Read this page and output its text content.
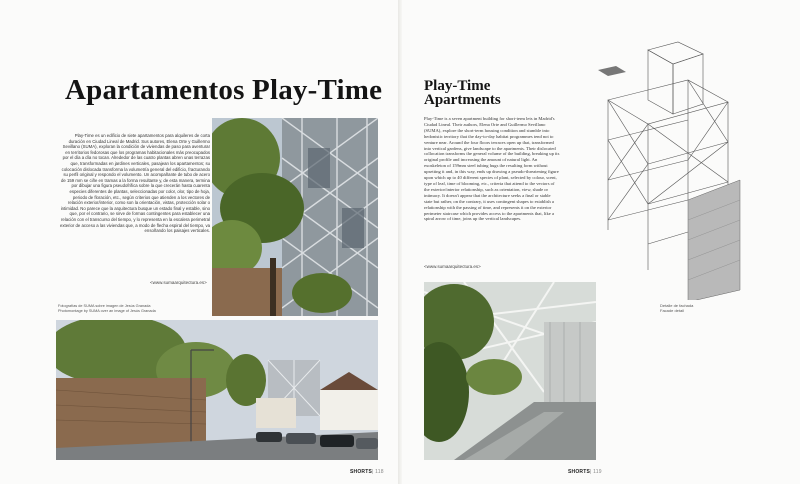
Apartamentos Play-Time
Play-Time es un edificio de siete apartamentos para alquileres de corta duración en Ciudad Lineal de Madrid. Sus autores, Elena Orte y Guillermo Sevillano (SUMA), exploran la condición de viviendas de paso para aventurar en territorios fedorosas que los programas habitacionales más preocupados por el día a día no tocan. Alrededor de las cuatro plantas abren unas terrazas que, transformadas en jardines verticales, pasajean los apartamentos; su colocación dislocada transforma la volumetría general del edificio, fracturando su perfil original y respondo el volumento. Un acompañante de tubo de acero de 159 mm se ciñe en tramas a la forma resultante y, de esta manera, termina por dibujar una figura pseudofrifica sobre la que crecerán hasta cuarenta especies diferentes de plantas, seleccionadas por color, olor, tipo de hoja, periodo de floración, etc., según criterios que atienden a los vectores de relación exterior/interior, como son la orientación, vistas, protección solar o intimidad. No parece que la arquitectura busque un estado final y estable, sino que, por el contrario, se sirve de formas contingentes para establecer una relación con el transcurso del tiempo, y lo representa en la escalera perimetral exterior de acceso a las viviendas que, a modo de flecha espiral del tiempo, va ensoñando los paisajes verticales.
<www.sumaarquitectura.es>
Fotografías de SUMA sobre imagen de Jesús Granada
Photomontage by SUMA over an image of Jesús Granada
SHORTS| 118
Play-Time
Apartments
Play-Time is a seven apartment building for short-term lets in Madrid's Ciudad Lineal. Their authors, Elena Orte and Guillermo Sevillano (SUMA), explore the short-term housing condition and stumble into hedonistic territory that the day-to-day habitat programmes tend not to venture near. Around the four floors terraces open up that, transformed into vertical gardens, give landscape to the apartments. Their dislocated collocation transforms the general volume of the building, breaking up its original profile and increasing the amount of natural light. An exoskeleton of 159mm steel tubing hugs the resulting form without upsetting it and, in this way, ends up drawing a pseudo-threatening figure upon which up to 40 different species of plant, selected by colour, scent, type of leaf, time of blooming, etc., criteria that attend to the vectors of the exterior/interior relationship, such as orientation, view, shade or intimacy. It doesn't appear that the architecture seeks a final or stable state but rather, on the contrary, it uses contingent shapes to establish a relationship with the passing of time, and represents it on the exterior perimeter staircase which provides access to the apartments that, like a spiral arrow of time, joins up the vertical landscapes.
<www.sumaarquitectura.es>
Detalle de fachada
Facade detail
SHORTS| 119
